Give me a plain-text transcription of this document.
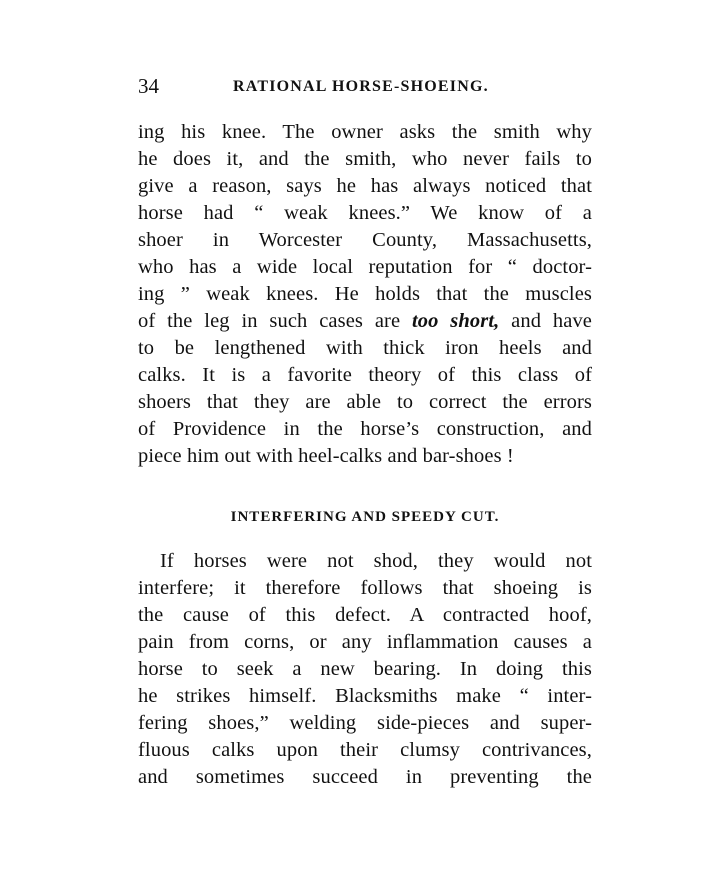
34	RATIONAL HORSE-SHOEING.

ing his knee. The owner asks the smith why
he does it, and the smith, who never fails to
give a reason, says he has always noticed that
horse had “ weak knees.” We know of a
shoer in Worcester County, Massachusetts,
who has a wide local reputation for “ doctor-
ing ” weak knees. He holds that the muscles
of the leg in such cases are too short, and have
to be lengthened with thick iron heels and
calks. It is a favorite theory of this class of
shoers that they are able to correct the errors
of Providence in the horse’s construction, and
piece him out with heel-calks and bar-shoes !

INTERFERING AND SPEEDY CUT.

If horses were not shod, they would not
interfere; it therefore follows that shoeing is
the cause of this defect. A contracted hoof,
pain from corns, or any inflammation causes a
horse to seek a new bearing. In doing this
he strikes himself. Blacksmiths make “ inter-
fering shoes,” welding side-pieces and super-
fluous calks upon their clumsy contrivances,
and sometimes succeed in preventing the
